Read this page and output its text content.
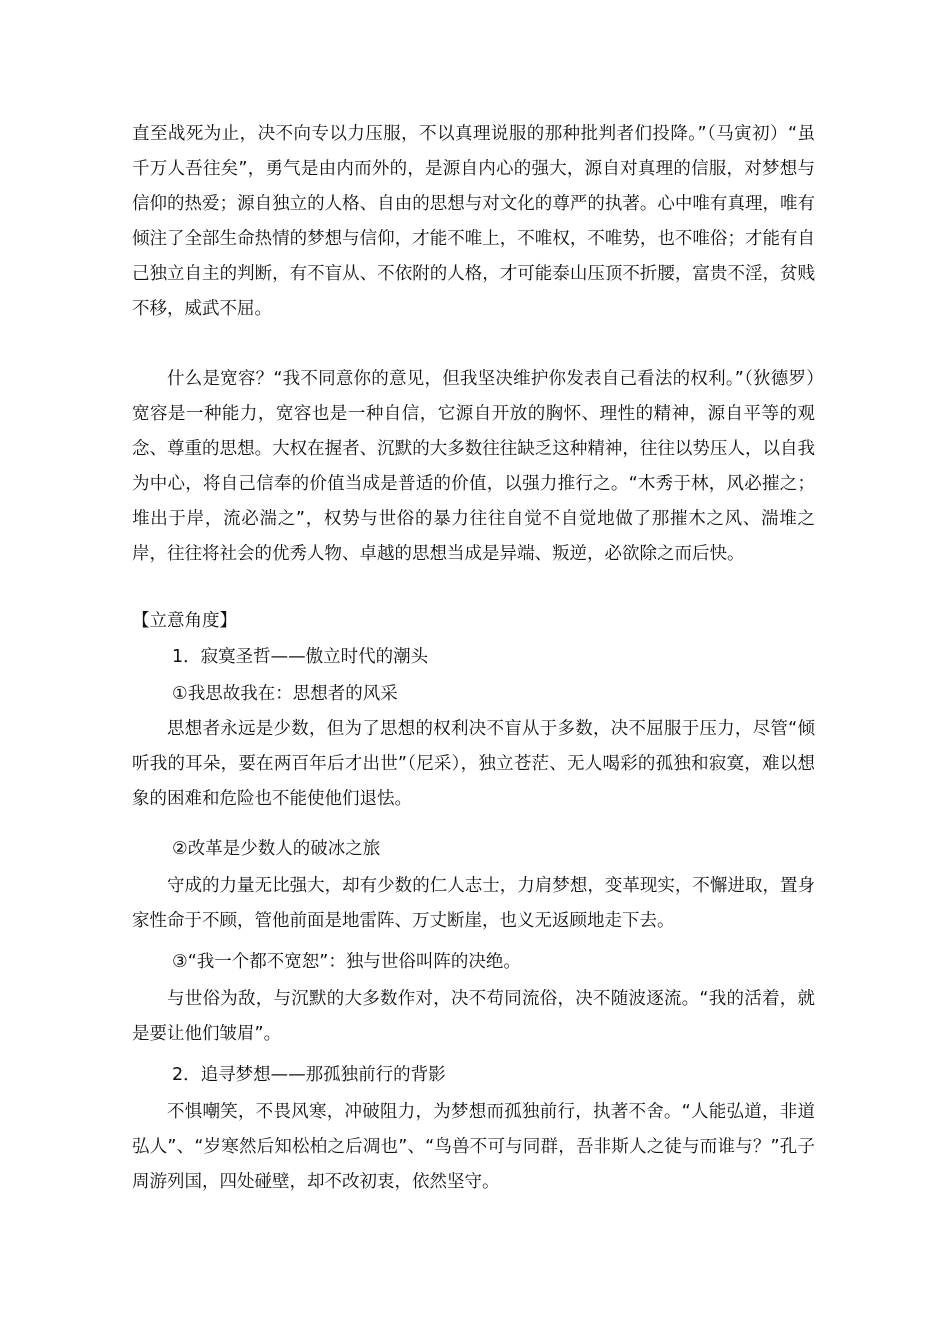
直至战死为止，决不向专以力压服，不以真理说服的那种批判者们投降。”（马寅初）“虽千万人吾往矣”，勇气是由内而外的，是源自内心的强大，源自对真理的信服，对梦想与信仰的热爱；源自独立的人格、自由的思想与对文化的尊严的执著。心中唯有真理，唯有倾注了全部生命热情的梦想与信仰，才能不唯上，不唯权，不唯势，也不唯俗；才能有自己独立自主的判断，有不盲从、不依附的人格，才可能泰山压顶不折腰，富贵不淫，贫贱不移，威武不屈。

什么是宽容？“我不同意你的意见，但我坚决维护你发表自己看法的权利。”（狄德罗）宽容是一种能力，宽容也是一种自信，它源自开放的胸怀、理性的精神，源自平等的观念、尊重的思想。大权在握者、沉默的大多数往往缺乏这种精神，往往以势压人，以自我为中心，将自己信奉的价值当成是普适的价值，以强力推行之。“木秀于林，风必摧之；堆出于岸，流必湍之”，权势与世俗的暴力往往自觉不自觉地做了那摧木之风、湍堆之岸，往往将社会的优秀人物、卓越的思想当成是异端、叛逆，必欲除之而后快。

【立意角度】

1．寂寞圣哲——傲立时代的潮头

①我思故我在：思想者的风采

思想者永远是少数，但为了思想的权利决不盲从于多数，决不屈服于压力，尽管“倾听我的耳朵，要在两百年后才出世”（尼采），独立苍茫、无人喝彩的孤独和寂寞，难以想象的困难和危险也不能使他们退怯。

②改革是少数人的破冰之旅

守成的力量无比强大，却有少数的仁人志士，力肩梦想，变革现实，不懈进取，置身家性命于不顾，管他前面是地雷阵、万丈断崖，也义无返顾地走下去。

③“我一个都不宽恕”：独与世俗叫阵的决绝。

与世俗为敌，与沉默的大多数作对，决不苟同流俗，决不随波逐流。“我的活着，就是要让他们皱眉”。

2．追寻梦想——那孤独前行的背影

不惧嘲笑，不畏风寒，冲破阻力，为梦想而孤独前行，执著不舍。“人能弘道，非道弘人”、“岁寒然后知松柏之后凋也”、“鸟兽不可与同群，吾非斯人之徒与而谁与？”孔子周游列国，四处碰壁，却不改初衷，依然坚守。
